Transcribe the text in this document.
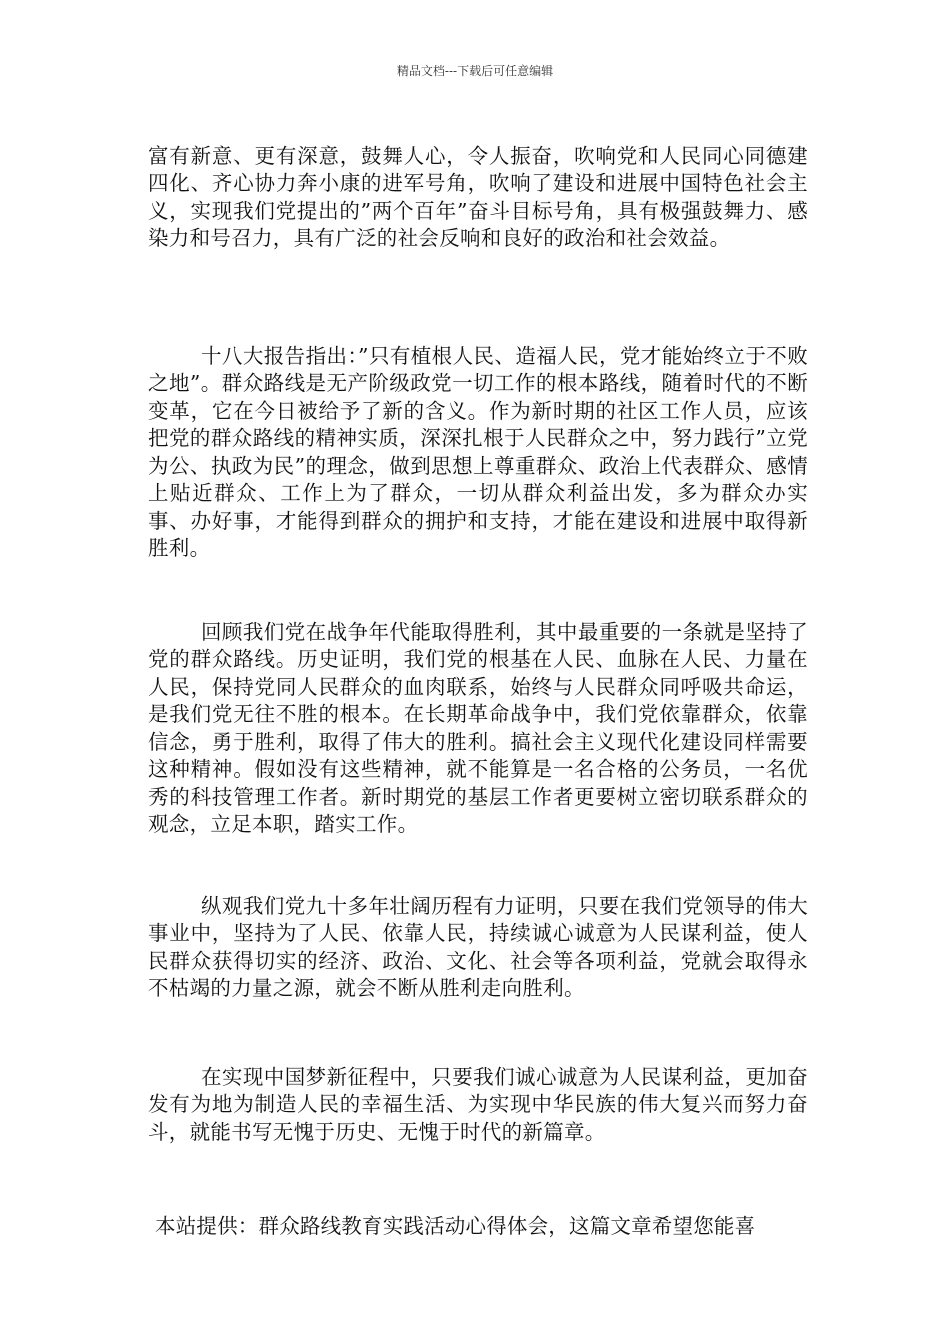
精品文档---下载后可任意编辑

富有新意、更有深意，鼓舞人心，令人振奋，吹响党和人民同心同德建四化、齐心协力奔小康的进军号角，吹响了建设和进展中国特色社会主义，实现我们党提出的”两个百年”奋斗目标号角，具有极强鼓舞力、感染力和号召力，具有广泛的社会反响和良好的政治和社会效益。

十八大报告指出：”只有植根人民、造福人民，党才能始终立于不败之地”。群众路线是无产阶级政党一切工作的根本路线，随着时代的不断变革，它在今日被给予了新的含义。作为新时期的社区工作人员，应该把党的群众路线的精神实质，深深扎根于人民群众之中，努力践行”立党为公、执政为民”的理念，做到思想上尊重群众、政治上代表群众、感情上贴近群众、工作上为了群众，一切从群众利益出发，多为群众办实事、办好事，才能得到群众的拥护和支持，才能在建设和进展中取得新胜利。

回顾我们党在战争年代能取得胜利，其中最重要的一条就是坚持了党的群众路线。历史证明，我们党的根基在人民、血脉在人民、力量在人民，保持党同人民群众的血肉联系，始终与人民群众同呼吸共命运，是我们党无往不胜的根本。在长期革命战争中，我们党依靠群众，依靠信念，勇于胜利，取得了伟大的胜利。搞社会主义现代化建设同样需要这种精神。假如没有这些精神，就不能算是一名合格的公务员，一名优秀的科技管理工作者。新时期党的基层工作者更要树立密切联系群众的观念，立足本职，踏实工作。

纵观我们党九十多年壮阔历程有力证明，只要在我们党领导的伟大事业中，坚持为了人民、依靠人民，持续诚心诚意为人民谋利益，使人民群众获得切实的经济、政治、文化、社会等各项利益，党就会取得永不枯竭的力量之源，就会不断从胜利走向胜利。

在实现中国梦新征程中，只要我们诚心诚意为人民谋利益，更加奋发有为地为制造人民的幸福生活、为实现中华民族的伟大复兴而努力奋斗，就能书写无愧于历史、无愧于时代的新篇章。

本站提供：群众路线教育实践活动心得体会，这篇文章希望您能喜
